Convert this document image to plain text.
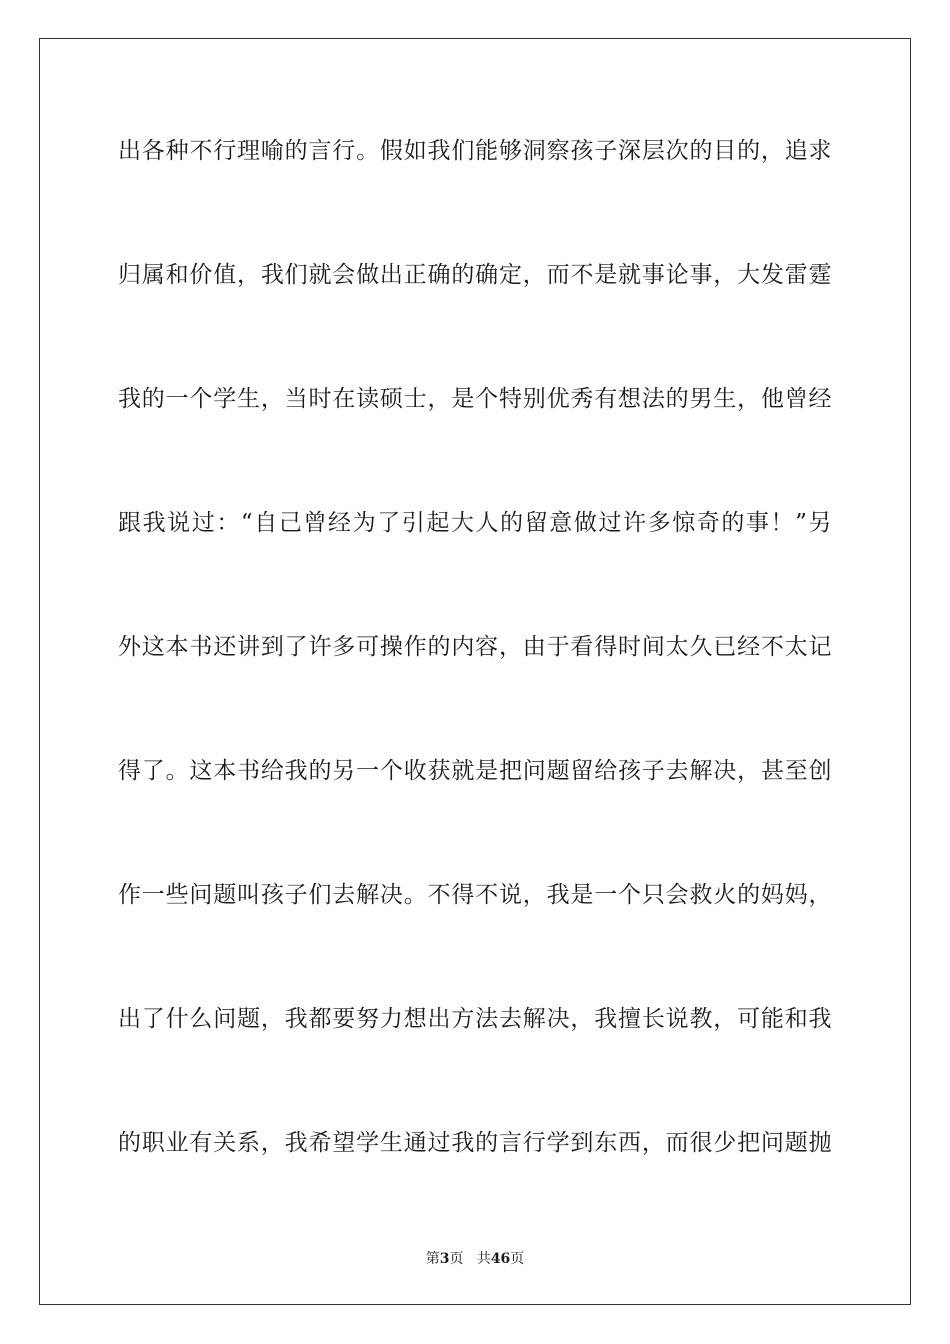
出各种不行理喻的言行。假如我们能够洞察孩子深层次的目的，追求
归属和价值，我们就会做出正确的确定，而不是就事论事，大发雷霆
我的一个学生，当时在读硕士，是个特别优秀有想法的男生，他曾经
跟我说过：“自己曾经为了引起大人的留意做过许多惊奇的事！”另
外这本书还讲到了许多可操作的内容，由于看得时间太久已经不太记
得了。这本书给我的另一个收获就是把问题留给孩子去解决，甚至创
作一些问题叫孩子们去解决。不得不说，我是一个只会救火的妈妈，
出了什么问题，我都要努力想出方法去解决，我擅长说教，可能和我
的职业有关系，我希望学生通过我的言行学到东西，而很少把问题抛
第3页 共46页
